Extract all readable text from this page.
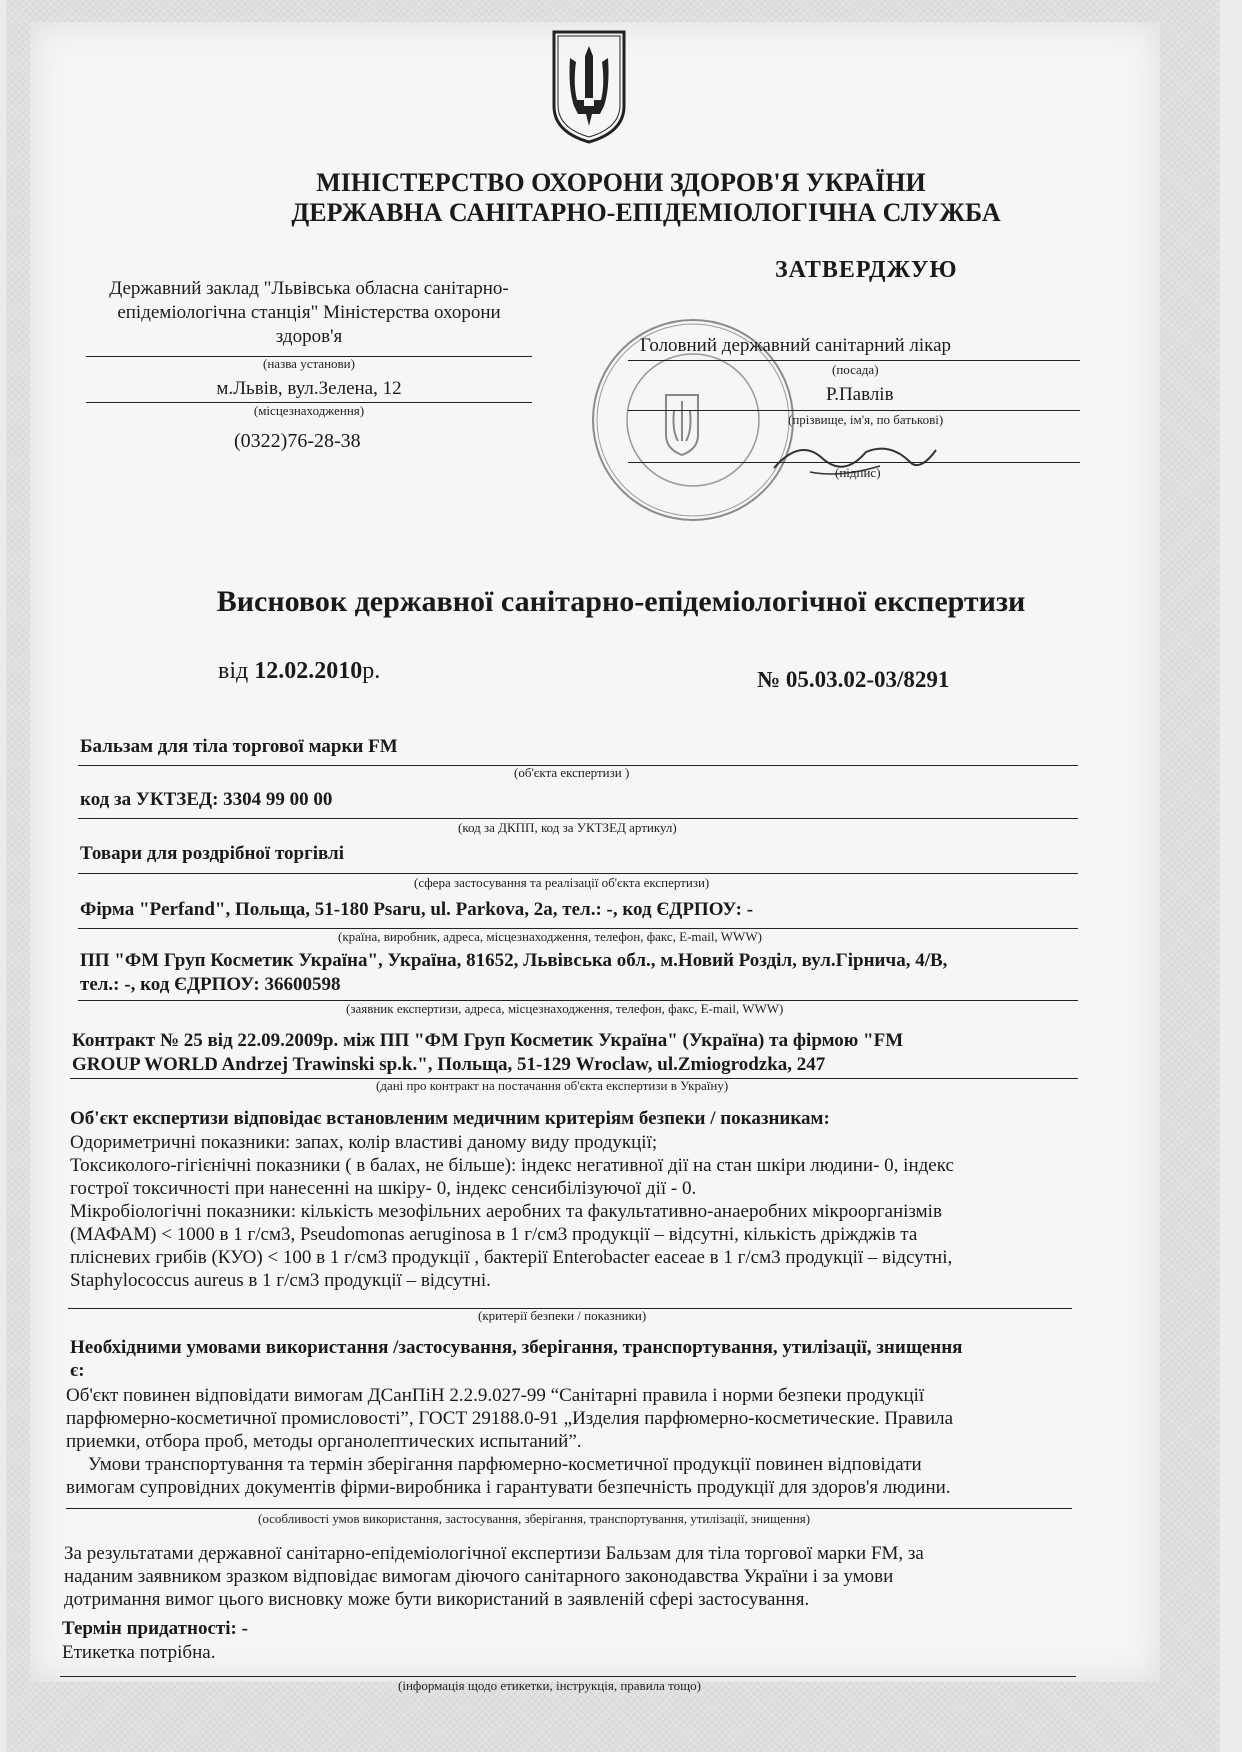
МІНІСТЕРСТВО ОХОРОНИ ЗДОРОВ'Я УКРАЇНИ
ДЕРЖАВНА САНІТАРНО-ЕПІДЕМІОЛОГІЧНА СЛУЖБА
Державний заклад "Львівська обласна санітарно-
епідеміологічна станція" Міністерства охорони
здоров'я
(назва установи)
м.Львів, вул.Зелена, 12
(місцезнаходження)
(0322)76-28-38
ЗАТВЕРДЖУЮ
Головний державний санітарний лікар
(посада)
Р.Павлів
(прізвище, ім'я, по батькові)
(підпис)
Висновок державної санітарно-епідеміологічної експертизи
від 12.02.2010р.	№ 05.03.02-03/8291
Бальзам для тіла торгової марки FM
(об'єкта експертизи )
код за УКТЗЕД: 3304 99 00 00
(код за ДКПП, код за УКТЗЕД артикул)
Товари для роздрібної торгівлі
(сфера застосування та реалізації об'єкта експертизи)
Фірма "Perfand", Польща, 51-180 Psaru, ul. Parkova, 2a, тел.: -, код ЄДРПОУ: -
(країна, виробник, адреса, місцезнаходження, телефон, факс, E-mail, WWW)
ПП "ФМ Груп Косметик Україна", Україна, 81652, Львівська обл., м.Новий Розділ, вул.Гірнича, 4/В,
тел.: -, код ЄДРПОУ: 36600598
(заявник експертизи, адреса, місцезнаходження, телефон, факс, E-mail, WWW)
Контракт № 25 від 22.09.2009р. між ПП "ФМ Груп Косметик Україна" (Україна) та фірмою "FM
GROUP WORLD Andrzej Trawinski sp.k.", Польща, 51-129 Wroclaw, ul.Zmiogrodzka, 247
(дані про контракт на постачання об'єкта експертизи в Україну)
Об'єкт експертизи відповідає встановленим медичним критеріям безпеки / показникам:
Одориметричні показники: запах, колір властиві даному виду продукції;
Токсиколого-гігієнічні показники ( в балах, не більше): індекс негативної дії на стан шкіри людини- 0, індекс
гострої токсичності при нанесенні на шкіру- 0, індекс сенсибілізуючої дії - 0.
Мікробіологічні показники: кількість мезофільних аеробних та факультативно-анаеробних мікроорганізмів
(МАФАМ) < 1000 в 1 г/см3, Pseudomonas aeruginosa в 1 г/см3 продукції – відсутні, кількість дріжджів та
плісневих грибів (КУО) < 100 в 1 г/см3 продукції , бактерії Enterobacter eaceae в 1 г/см3 продукції – відсутні,
Staphylococcus aureus в 1 г/см3 продукції – відсутні.
(критерії безпеки / показники)
Необхідними умовами використання /застосування, зберігання, транспортування, утилізації, знищення
є:
Об'єкт повинен відповідати вимогам ДСанПіН 2.2.9.027-99 “Санітарні правила і норми безпеки продукції
парфюмерно-косметичної промисловості”, ГОСТ 29188.0-91 „Изделия парфюмерно-косметические. Правила
приемки, отбора проб, методы органолептических испытаний”.
Умови транспортування та термін зберігання парфюмерно-косметичної продукції повинен відповідати
вимогам супровідних документів фірми-виробника і гарантувати безпечність продукції для здоров'я людини.
(особливості умов використання, застосування, зберігання, транспортування, утилізації, знищення)
За результатами державної санітарно-епідеміологічної експертизи Бальзам для тіла торгової марки FM, за
наданим заявником зразком відповідає вимогам діючого санітарного законодавства України і за умови
дотримання вимог цього висновку може бути використаний в заявленій сфері застосування.
Термін придатності: -
Етикетка потрібна.
(інформація щодо етикетки, інструкція, правила тощо)
